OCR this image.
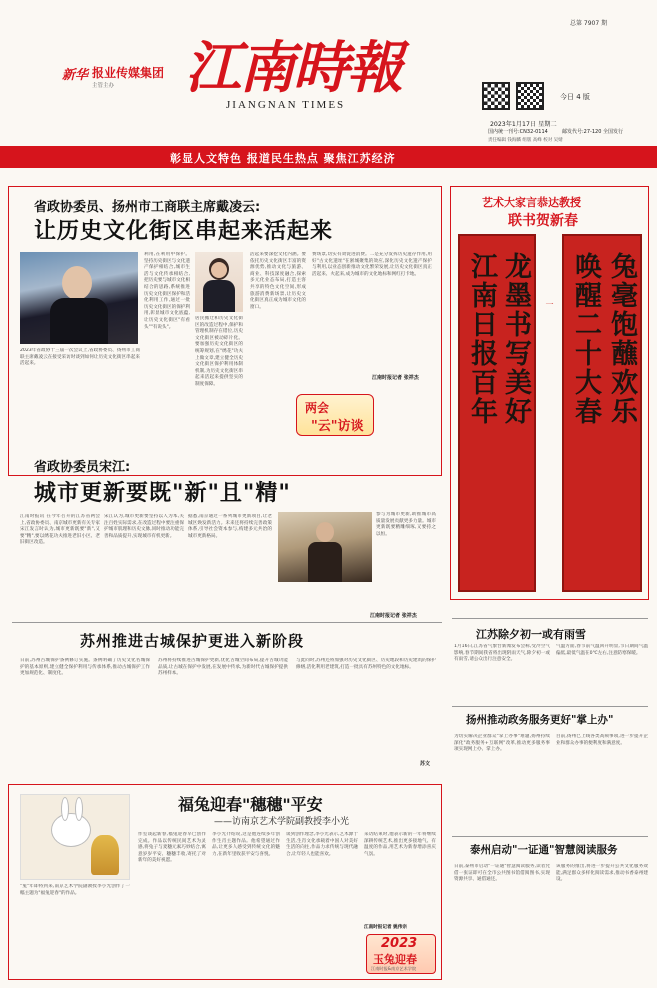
新华 报业传媒集团
主管主办 江南時報
JIANGNAN TIMES
今日 4 版
总第 7907 期
2023年1月17日 星期二
国内统一刊号:CN32-0114	邮发代号:27-120 全国发行
责任编辑 钱海麟 组版 高峰 校对 吴婧
彰显人文特色 报道民生热点 聚焦江苏经济
省政协委员、扬州市工商联主席戴凌云:
让历史文化街区串起来活起来
2023年省政协十三届一次会议上,省政协委员、扬州市工商联主席戴凌云在接受采访时谈到如何让历史文化街区串起来活起来。
利用,在利用中保护。坚持历史街区与文化遗产保护相结合,城市生活与文化传承相结合,把历史要与城市文化相结合的思路,系统推进历史文化街区保护和活化利用工作,通过一批历史文化街区的保护利用,彰显城市文化底蕴,让历史文化街区"有看头""有说头"。
居民搬迁和历史文化街区的改造过程中,保护和管理机制存在错位,历史文化街区被动碎片化。要加强历史文化街区的统筹规划,在"绣花"功夫上做文章,建立健全历史文化街区保护利用体制机制,为历史文化街区串起来活起来提供坚实的制度保障。
活起来要深挖文化内涵。要依托历史文化街区丰富的资源优势,推动文化与旅游、商业、科技深度融合,探索多元化业态布局,打造主客共享的特色文化空间,形成旅游消费新场景,让历史文化街区真正成为城市文化的窗口。
费场景,切实有效促进消费。二是充分发挥历史遗存作用,用好"古文化遗址"在浙城聚集的效应,深化历史文化遗产保护与利用,以业态创新推动文化繁荣发展,让历史文化街区真正活起来、火起来,成为城市的文化地标和网红打卡地。
江南时报记者 张祥杰
两会
"云"访谈
省政协委员宋江:
城市更新要既"新"且"精"
江南时报讯 在今年召开的江苏省两会上,省政协委员、南京城市更新有关专家宋江发言时认为,城市更新既要"新",又要"精",要以绣花功夫推进老旧小区、老旧街区改造。
宋江认为,城市更新要坚持以人为本,关注百姓实际需求,在改造过程中要注重保护城市肌理和历史文脉,同时推动功能完善和品质提升,实现城市有机更新。
据悉,南京通过一系列城市更新项目,让老城区焕发新活力。未来还将持续完善政策体系,引导社会资本参与,构建多元共治的城市更新格局。
参与为城市更新,助推城市高质量发展贡献更多力量。城市更新既要精雕细琢,又要持之以恒。
江南时报记者 张祥杰
苏州推进古城保护更进入新阶段
日前,苏州古城保护条例修订实施。条例明确了历史文化名城保护的基本原则,建立健全保护利用与传承体系,推动古城保护工作更加规范化、制度化。
苏州将持续推进古城保护更新,优化古城空间布局,提升古城功能品质,让古城在保护中发展,在发展中传承,为新时代古城保护提供苏州样本。
与此同时,苏州还将加强对历史文化街区、历史地段和历史建筑的保护修缮,活化利用老建筑,打造一批具有苏州特色的文化地标。
苏文
福兔迎春"穗穗"平安
——访南京艺术学院副教授李小光
"兔"年即将到来,南京艺术学院副教授李小光创作了一幅主题为"福兔迎春"的作品。
作室谈起新春,福兔迎春早已创作完成。作品以传统民间艺术为灵感,将兔子与麦穗元素巧妙结合,寓意岁岁平安、穗穗丰收,寄托了对新年的美好祝愿。
李小光介绍说,这是他连续多年创作生肖主题作品。他希望通过作品,让更多人感受到传统文化的魅力,在新年里收获平安与喜悦。
谈到创作理念,李小光表示,艺术源于生活,生肖文化承载着中国人对美好生活的向往,作品力求传统与现代融合,让年轻人也能喜欢。
采访结束时,他表示新的一年将继续深耕传统艺术,推出更多接地气、有温度的作品,用艺术为新春增添喜庆气氛。
江南时报记者 姚伟宗
2023
玉兔迎春
江南时报&南京艺术学院
艺术大家言恭达教授
联书贺新春
龙墨书写美好
江南日报百年	兔毫饱蘸欢乐
唤醒二十大春
一
江苏除夕初一或有雨雪
1月16日,江苏省气象台新闻发布会称,受冷空气影响,春节期间我省将出现阴雨天气,除夕初一或有雨雪,请公众出行注意安全。
气温方面,春节前气温回升明显,节日期间气温偏低,最低气温在0℃左右,注意防寒保暖。
扬州推动政务服务更好"掌上办"
为切实解决企业群众"掌上办事"难题,扬州持续深化"政务服务+互联网"改革,推动更多服务事项实现网上办、掌上办。
目前,扬州已上线各类高频事项,进一步提升企业和群众办事的便利度和满意度。
泰州启动"一证通"智慧阅读服务
日前,泰州市启动"一证通"智慧阅读服务,读者凭借一张证即可在全市公共图书馆借阅图书,实现资源共享、通借通还。
该服务的推出,将进一步提升公共文化服务效能,满足群众多样化阅读需求,推动书香泰州建设。
